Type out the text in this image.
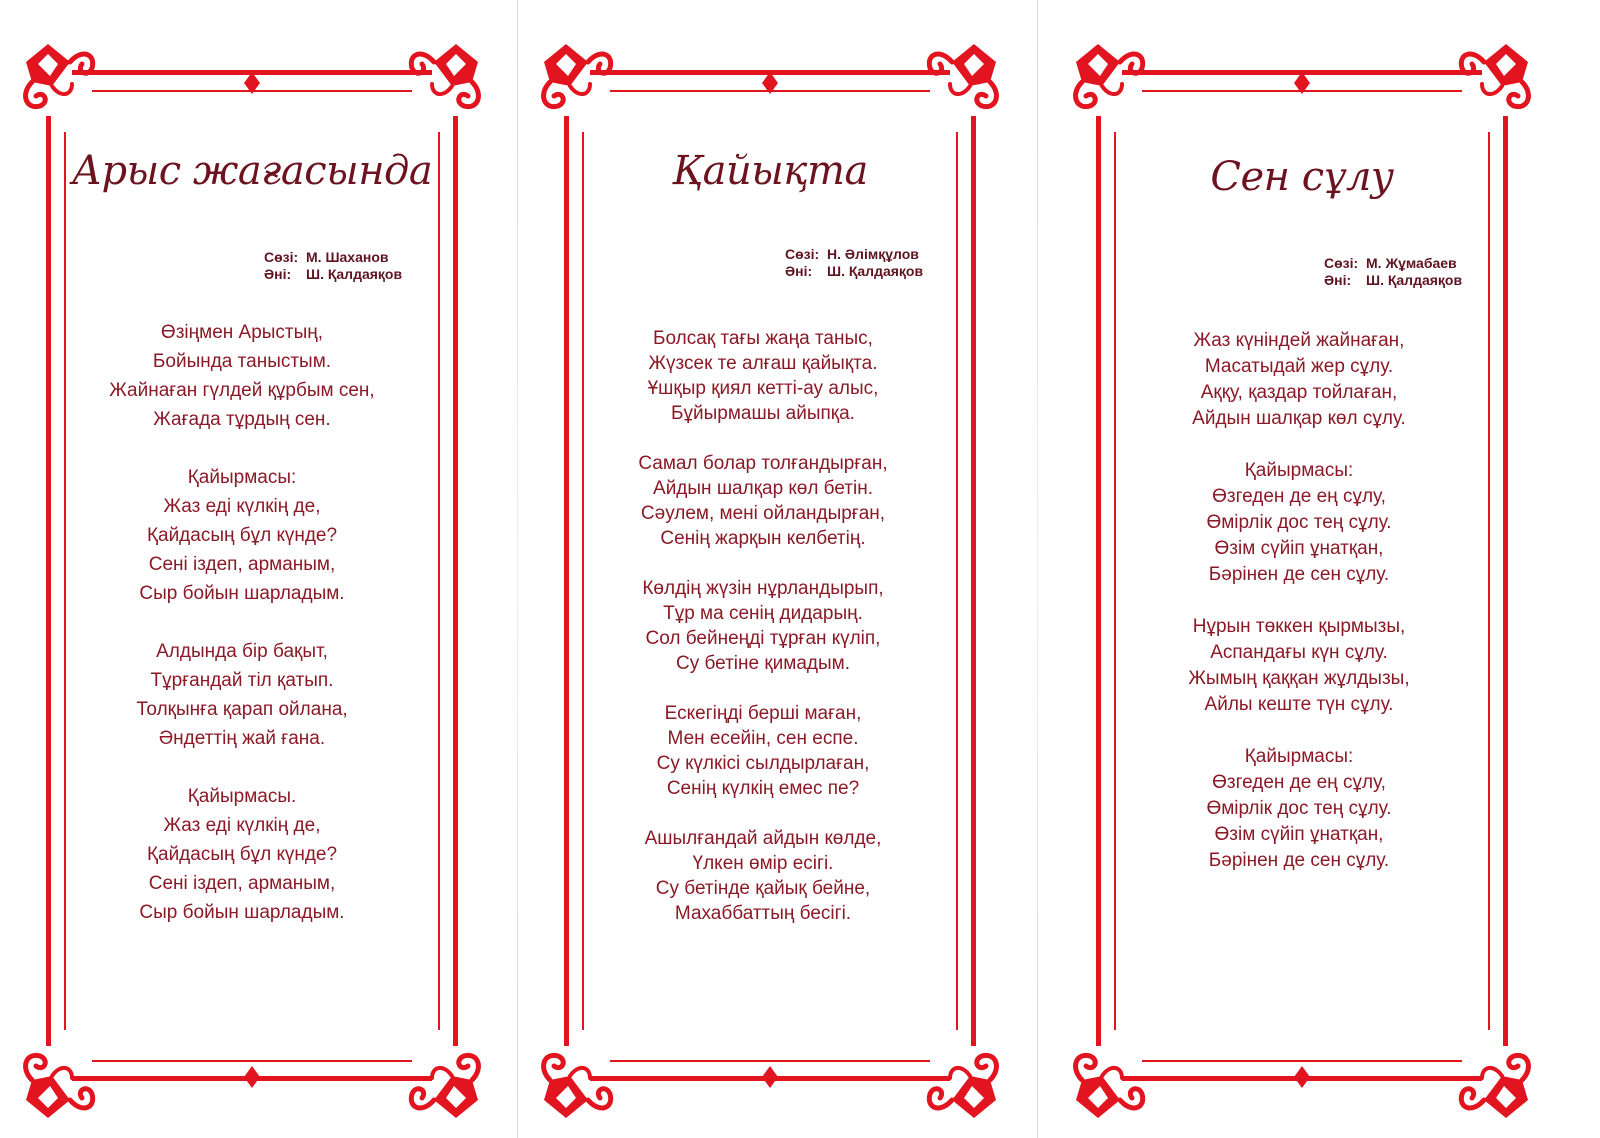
Арыс жағасында
Сөзі: М. Шаханов
Әні: Ш. Қалдаяқов
Өзіңмен Арыстың,
Бойында таныстым.
Жайнаған гүлдей құрбым сен,
Жағада тұрдың сен.
Қайырмасы:
Жаз еді күлкің де,
Қайдасың бұл күнде?
Сені іздеп, арманым,
Сыр бойын шарладым.
Алдында бір бақыт,
Тұрғандай тіл қатып.
Толқынға қарап ойлана,
Әндеттің жай ғана.
Қайырмасы.
Жаз еді күлкің де,
Қайдасың бұл күнде?
Сені іздеп, арманым,
Сыр бойын шарладым.
Қайықта
Сөзі: Н. Әлімқұлов
Әні: Ш. Қалдаяқов
Болсақ тағы жаңа таныс,
Жүзсек те алғаш қайықта.
Ұшқыр қиял кетті-ау алыс,
Бұйырмашы айыпқа.
Самал болар толғандырған,
Айдын шалқар көл бетін.
Сәулем, мені ойландырған,
Сенің жарқын келбетің.
Көлдің жүзін нұрландырып,
Тұр ма сенің дидарың.
Сол бейнеңді тұрған күліп,
Су бетіне қимадым.
Ескегіңді берші маған,
Мен есейін, сен еспе.
Су күлкісі сылдырлаған,
Сенің күлкің емес пе?
Ашылғандай айдын көлде,
Үлкен өмір есігі.
Су бетінде қайық бейне,
Махаббаттың бесігі.
Сен сұлу
Сөзі: М. Жұмабаев
Әні: Ш. Қалдаяқов
Жаз күніндей жайнаған,
Масатыдай жер сұлу.
Аққу, қаздар тойлаған,
Айдын шалқар көл сұлу.
Қайырмасы:
Өзгеден де ең сұлу,
Өмірлік дос тең сұлу.
Өзім сүйіп ұнатқан,
Бәрінен де сен сұлу.
Нұрын төккен қырмызы,
Аспандағы күн сұлу.
Жымың қаққан жұлдызы,
Айлы кеште түн сұлу.
Қайырмасы:
Өзгеден де ең сұлу,
Өмірлік дос тең сұлу.
Өзім сүйіп ұнатқан,
Бәрінен де сен сұлу.
